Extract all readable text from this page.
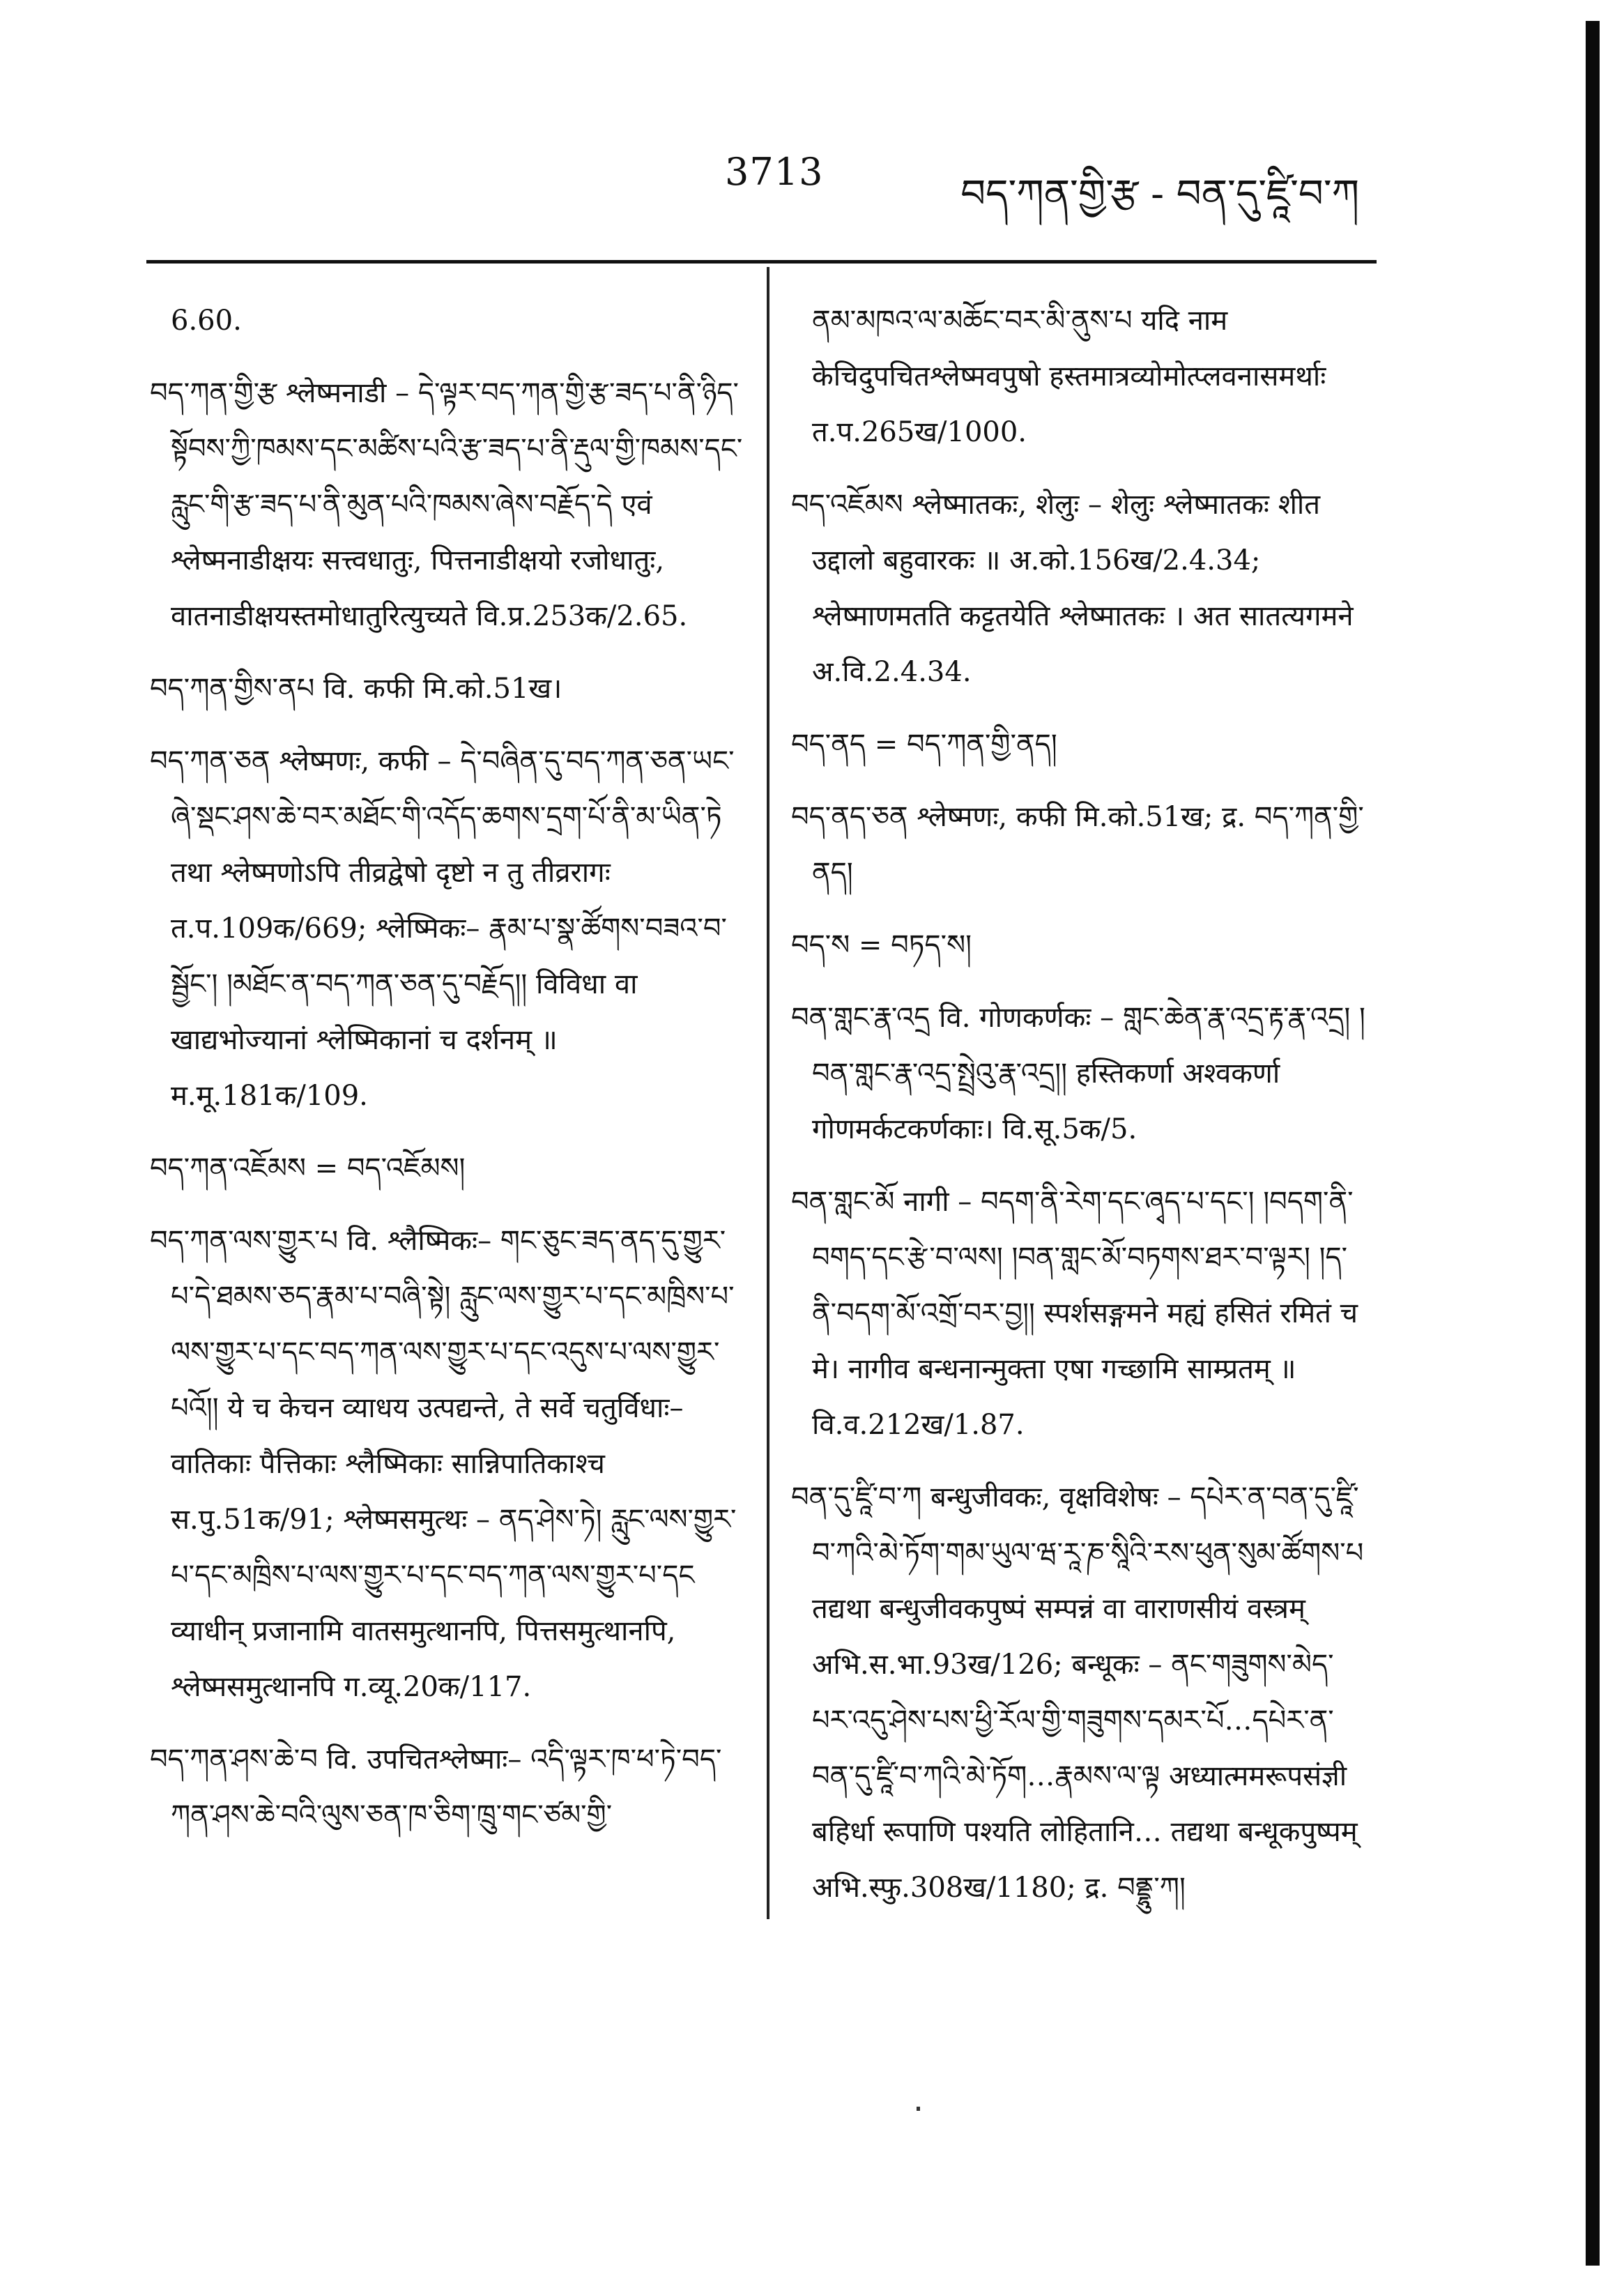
3713	བད་ཀན་གྱི་རྩ - བན་དུ་ཛཱི་བ་ཀ
6.60.
བད་ཀན་གྱི་རྩ श्लेष्मनाडी – དེ་ལྟར་བད་ཀན་གྱི་རྩ་ཟད་པ་ནི་ཉིད་སྟོབས་ཀྱི་ཁམས་དང་མཚིས་པའི་རྩ་ཟད་པ་ནི་རྡུལ་གྱི་ཁམས་དང་རླུང་གི་རྩ་ཟད་པ་ནི་མུན་པའི་ཁམས་ཞེས་བརྗོད་དེ एवं श्लेष्मनाडीक्षयः सत्त्वधातुः, पित्तनाडीक्षयो रजोधातुः, वातनाडीक्षयस्तमोधातुरित्युच्यते वि.प्र.253क/2.65.
བད་ཀན་གྱིས་ནཔ वि. कफी मि.को.51ख।
བད་ཀན་ཅན श्लेष्मणः, कफी – དེ་བཞིན་དུ་བད་ཀན་ཅན་ཡང་ཞེ་སྡང་ཤས་ཆེ་བར་མཐོང་གི་འདོད་ཆགས་དྲག་པོ་ནི་མ་ཡིན་ཏེ तथा श्लेष्मणोऽपि तीव्रद्वेषो दृष्टो न तु तीव्ररागः त.प.109क/669; श्लेष्मिकः– རྣམ་པ་སྣ་ཚོགས་བཟའ་བ་སྦྱོང་། །མཐོང་ན་བད་ཀན་ཅན་དུ་བརྗོད།། विविधा वा खाद्यभोज्यानां श्लेष्मिकानां च दर्शनम् ॥ म.मू.181क/109.
བད་ཀན་འཇོམས = བད་འཇོམས།
བད་ཀན་ལས་གྱུར་པ वि. श्लैष्मिकः– གང་ཅུང་ཟད་ནད་དུ་གྱུར་པ་དེ་ཐམས་ཅད་རྣམ་པ་བཞི་སྟེ། རླུང་ལས་གྱུར་པ་དང་མཁྲིས་པ་ལས་གྱུར་པ་དང་བད་ཀན་ལས་གྱུར་པ་དང་འདུས་པ་ལས་གྱུར་པའོ།། ये च केचन व्याधय उत्पद्यन्ते, ते सर्वे चतुर्विधाः–वातिकाः पैत्तिकाः श्लैष्मिकाः सान्निपातिकाश्च स.पु.51क/91; श्लेष्मसमुत्थः – ནད་ཤེས་ཏེ། རླུང་ལས་གྱུར་པ་དང་མཁྲིས་པ་ལས་གྱུར་པ་དང་བད་ཀན་ལས་གྱུར་པ་དང व्याधीन् प्रजानामि वातसमुत्थानपि, पित्तसमुत्थानपि, श्लेष्मसमुत्थानपि ग.व्यू.20क/117.
བད་ཀན་ཤས་ཆེ་བ वि. उपचितश्लेष्माः– འདི་ལྟར་ཁ་ཕ་ཏེ་བད་ཀན་ཤས་ཆེ་བའི་ལུས་ཅན་ཁ་ཅིག་ཁྲུ་གང་ཙམ་གྱི་
ནམ་མཁའ་ལ་མཆོང་བར་མི་ནུས་པ यदि नाम केचिदुपचितश्लेष्मवपुषो हस्तमात्रव्योमोत्प्लवनासमर्थाः त.प.265ख/1000.
བད་འཇོམས श्लेष्मातकः, शेलुः – शेलुः श्लेष्मातकः शीत उद्दालो बहुवारकः ॥ अ.को.156ख/2.4.34; श्लेष्माणमतति कट्टतयेति श्लेष्मातकः । अत सातत्यगमने अ.वि.2.4.34.
བད་ནད = བད་ཀན་གྱི་ནད།
བད་ནད་ཅན श्लेष्मणः, कफी मि.को.51ख; द्र. བད་ཀན་གྱི་ནད།
བད་ས = བཏད་ས།
བན་གླང་རྣ་འདྲ वि. गोणकर्णकः – གླང་ཆེན་རྣ་འདྲ་རྟ་རྣ་འདྲ། །བན་གླང་རྣ་འདྲ་སྤྲེའུ་རྣ་འདྲ།། हस्तिकर्णा अश्वकर्णा गोणमर्कटकर्णकाः। वि.सू.5क/5.
བན་གླང་མོ नागी – བདག་ནི་རེག་དང་ཞྭད་པ་དང་། །བདག་ནི་བགད་དང་རྩེ་བ་ལས། །བན་གླང་མོ་བཏགས་ཐར་བ་ལྟར། །ད་ནི་བདག་མོ་འགྲོ་བར་བྱ།། स्पर्शसङ्गमने मह्यं हसितं रमितं च मे। नागीव बन्धनान्मुक्ता एषा गच्छामि साम्प्रतम् ॥ वि.व.212ख/1.87.
བན་དུ་ཛཱི་བ་ཀ बन्धुजीवकः, वृक्षविशेषः – དཔེར་ན་བན་དུ་ཛཱི་བ་ཀའི་མེ་ཏོག་གམ་ཡུལ་ཝ་རཱ་ཎ་སཱིའི་རས་ཕུན་སུམ་ཚོགས་པ तद्यथा बन्धुजीवकपुष्पं सम्पन्नं वा वाराणसीयं वस्त्रम् अभि.स.भा.93ख/126; बन्धूकः – ནང་གཟུགས་མེད་པར་འདུ་ཤེས་པས་ཕྱི་རོལ་གྱི་གཟུགས་དམར་པོ…དཔེར་ན་བན་དུ་ཛཱི་བ་ཀའི་མེ་ཏོག…རྣམས་ལ་ལྟ अध्यात्ममरूपसंज्ञी बहिर्धा रूपाणि पश्यति लोहितानि… तद्यथा बन्धूकपुष्पम् अभि.स्फु.308ख/1180; द्र. བནྡྷུ་ཀ།
